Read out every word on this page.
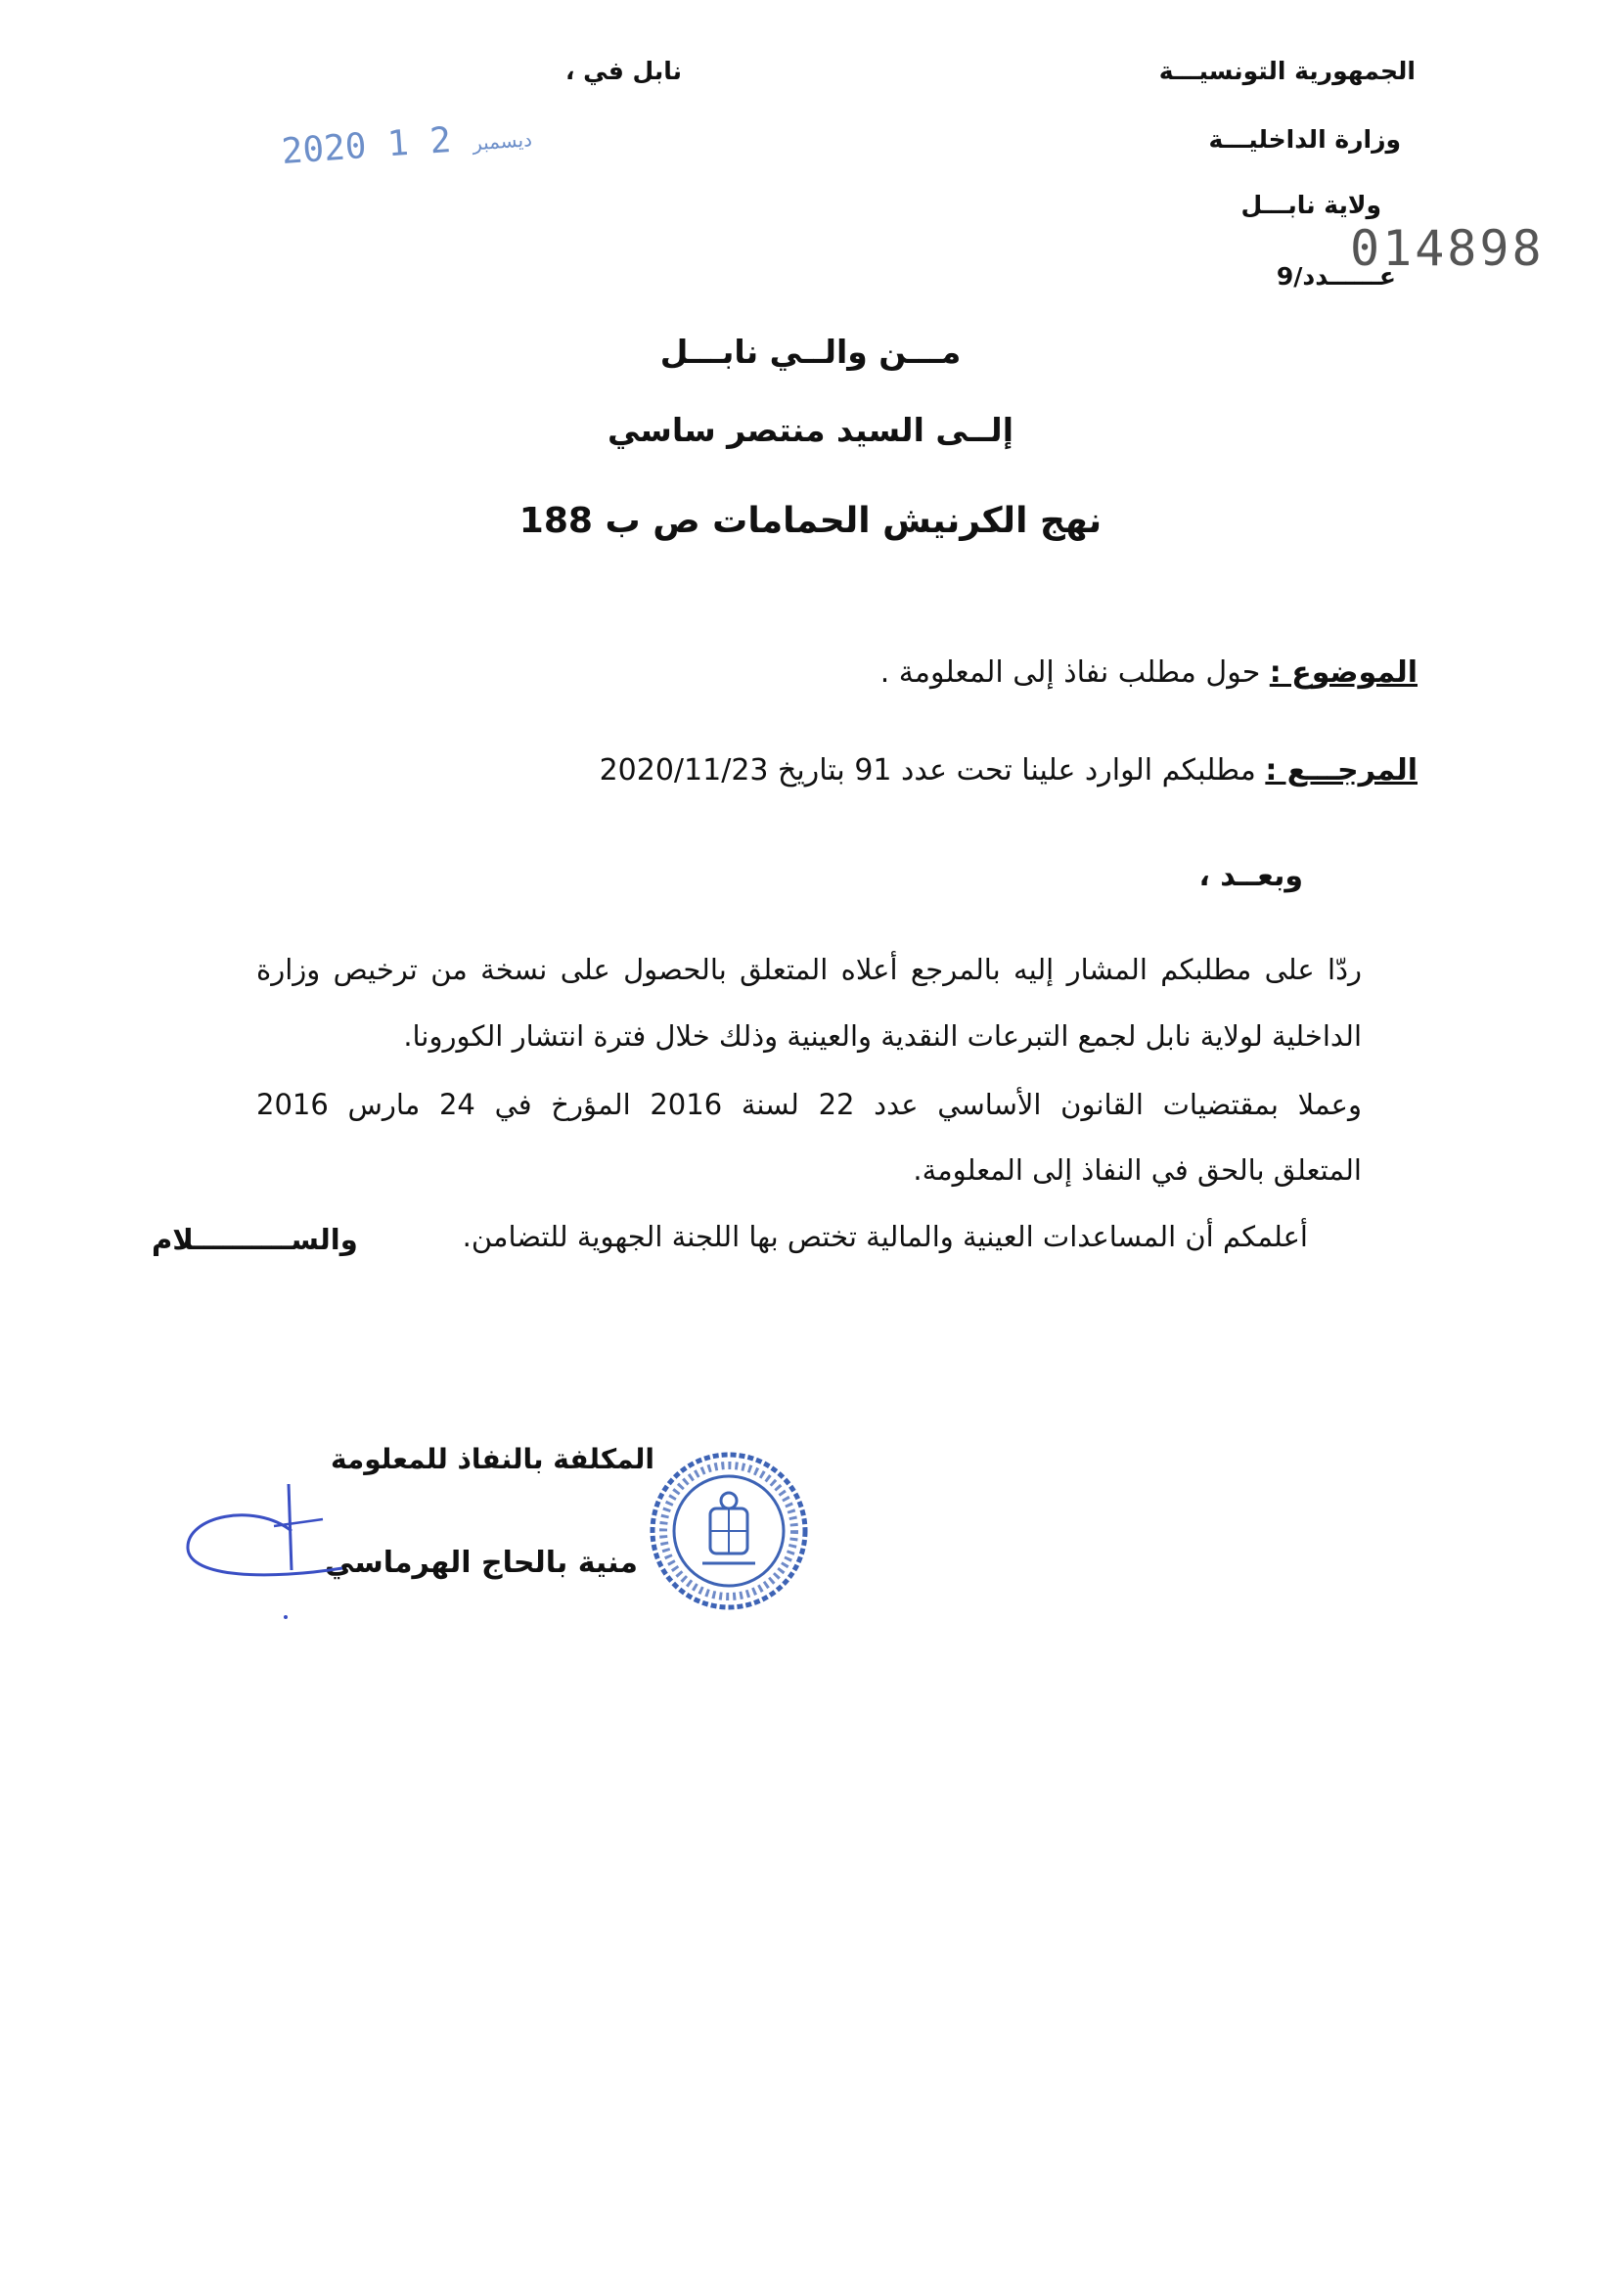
الجمهورية التونسيـــة
وزارة الداخليـــة
ولاية نابـــل
عــــــدد/9
014898
نابل في ،
2020	ديسمبر 2 1
مـــن والــي نابـــل
إلــى السيد منتصر ساسي
نهج الكرنيش الحمامات ص ب 188
الموضوع : حول مطلب نفاذ إلى المعلومة .
المرجـــع : مطلبكم الوارد علينا تحت عدد 91 بتاريخ 2020/11/23
وبعــد ،
ردّا على مطلبكم المشار إليه بالمرجع أعلاه المتعلق بالحصول على نسخة من ترخيص وزارة
الداخلية لولاية نابل لجمع التبرعات النقدية والعينية وذلك خلال فترة انتشار الكورونا.
وعملا بمقتضيات القانون الأساسي عدد 22 لسنة 2016 المؤرخ في 24 مارس 2016
المتعلق بالحق في النفاذ إلى المعلومة.
أعلمكم أن المساعدات العينية والمالية تختص بها اللجنة الجهوية للتضامن.
والســــــــــلام
المكلفة بالنفاذ للمعلومة
منية بالحاج الهرماسي
